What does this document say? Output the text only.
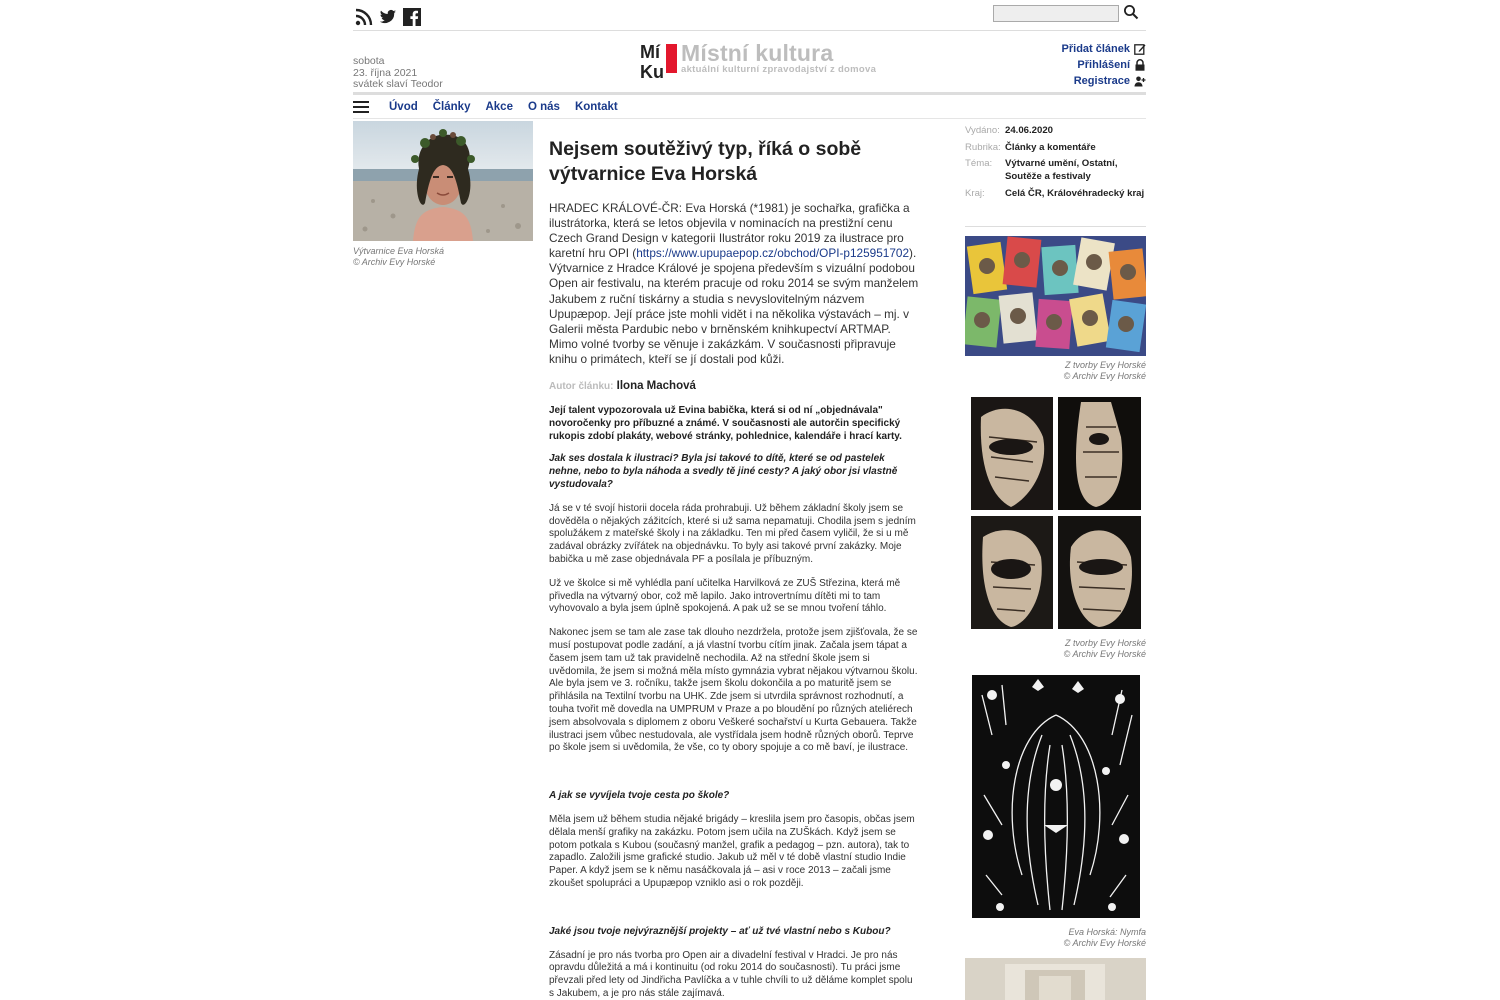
sobota
23. října 2021
svátek slaví Teodor
Mí
Ku
Místní kultura
aktuální kulturní zpravodajství z domova
Přidat článek
Přihlášení
Registrace
Úvod Články Akce O nás Kontakt
Výtvarnice Eva Horská
© Archiv Evy Horské
Nejsem soutěživý typ, říká o sobě výtvarnice Eva Horská
HRADEC KRÁLOVÉ-ČR: Eva Horská (*1981) je sochařka, grafička a ilustrátorka, která se letos objevila v nominacích na prestižní cenu Czech Grand Design v kategorii Ilustrátor roku 2019 za ilustrace pro karetní hru OPI (https://www.upupaepop.cz/obchod/OPI-p125951702). Výtvarnice z Hradce Králové je spojena především s vizuální podobou Open air festivalu, na kterém pracuje od roku 2014 se svým manželem Jakubem z ruční tiskárny a studia s nevyslovitelným názvem Upupæpop. Její práce jste mohli vidět i na několika výstavách – mj. v Galerii města Pardubic nebo v brněnském knihkupectví ARTMAP. Mimo volné tvorby se věnuje i zakázkám. V současnosti připravuje knihu o primátech, kteří se jí dostali pod kůži.
Autor článku: Ilona Machová
Její talent vypozorovala už Evina babička, která si od ní „objednávala" novoročenky pro příbuzné a známé. V současnosti ale autorčin specifický rukopis zdobí plakáty, webové stránky, pohlednice, kalendáře i hrací karty.
Jak ses dostala k ilustraci? Byla jsi takové to dítě, které se od pastelek nehne, nebo to byla náhoda a svedly tě jiné cesty? A jaký obor jsi vlastně vystudovala?
Já se v té svojí historii docela ráda prohrabuji. Už během základní školy jsem se dověděla o nějakých zážitcích, které si už sama nepamatuji. Chodila jsem s jedním spolužákem z mateřské školy i na základku. Ten mi před časem vyličil, že si u mě zadával obrázky zvířátek na objednávku. To byly asi takové první zakázky. Moje babička u mě zase objednávala PF a posílala je příbuzným.
Už ve školce si mě vyhlédla paní učitelka Harvilková ze ZUŠ Střezina, která mě přivedla na výtvarný obor, což mě lapilo. Jako introvertnímu dítěti mi to tam vyhovovalo a byla jsem úplně spokojená. A pak už se se mnou tvoření táhlo.
Nakonec jsem se tam ale zase tak dlouho nezdržela, protože jsem zjišťovala, že se musí postupovat podle zadání, a já vlastní tvorbu cítím jinak. Začala jsem tápat a časem jsem tam už tak pravidelně nechodila. Až na střední škole jsem si uvědomila, že jsem si možná měla místo gymnázia vybrat nějakou výtvarnou školu. Ale byla jsem ve 3. ročníku, takže jsem školu dokončila a po maturitě jsem se přihlásila na Textilní tvorbu na UHK. Zde jsem si utvrdila správnost rozhodnutí, a touha tvořit mě dovedla na UMPRUM v Praze a po bloudění po různých ateliérech jsem absolvovala s diplomem z oboru Veškeré sochařství u Kurta Gebauera. Takže ilustraci jsem vůbec nestudovala, ale vystřídala jsem hodně různých oborů. Teprve po škole jsem si uvědomila, že vše, co ty obory spojuje a co mě baví, je ilustrace.
A jak se vyvíjela tvoje cesta po škole?
Měla jsem už během studia nějaké brigády – kreslila jsem pro časopis, občas jsem dělala menší grafiky na zakázku. Potom jsem učila na ZUŠkách. Když jsem se potom potkala s Kubou (současný manžel, grafik a pedagog – pzn. autora), tak to zapadlo. Založili jsme grafické studio. Jakub už měl v té době vlastní studio Indie Paper. A když jsem se k němu nasáčkovala já – asi v roce 2013 – začali jsme zkoušet spolupráci a Upupæpop vzniklo asi o rok později.
Jaké jsou tvoje nejvýraznější projekty – ať už tvé vlastní nebo s Kubou?
Zásadní je pro nás tvorba pro Open air a divadelní festival v Hradci. Je pro nás opravdu důležitá a má i kontinuitu (od roku 2014 do současnosti). Tu práci jsme převzali před lety od Jindřicha Pavlíčka a v tuhle chvíli to už děláme komplet spolu s Jakubem, a je pro nás stále zajímavá.
Vydáno: 24.06.2020
Rubrika: Články a komentáře
Téma:	Výtvarné umění, Ostatní, Soutěže a festivaly
Kraj:	Celá ČR, Královéhradecký kraj
Z tvorby Evy Horské
© Archiv Evy Horské
Z tvorby Evy Horské
© Archiv Evy Horské
Eva Horská: Nymfa
© Archiv Evy Horské
